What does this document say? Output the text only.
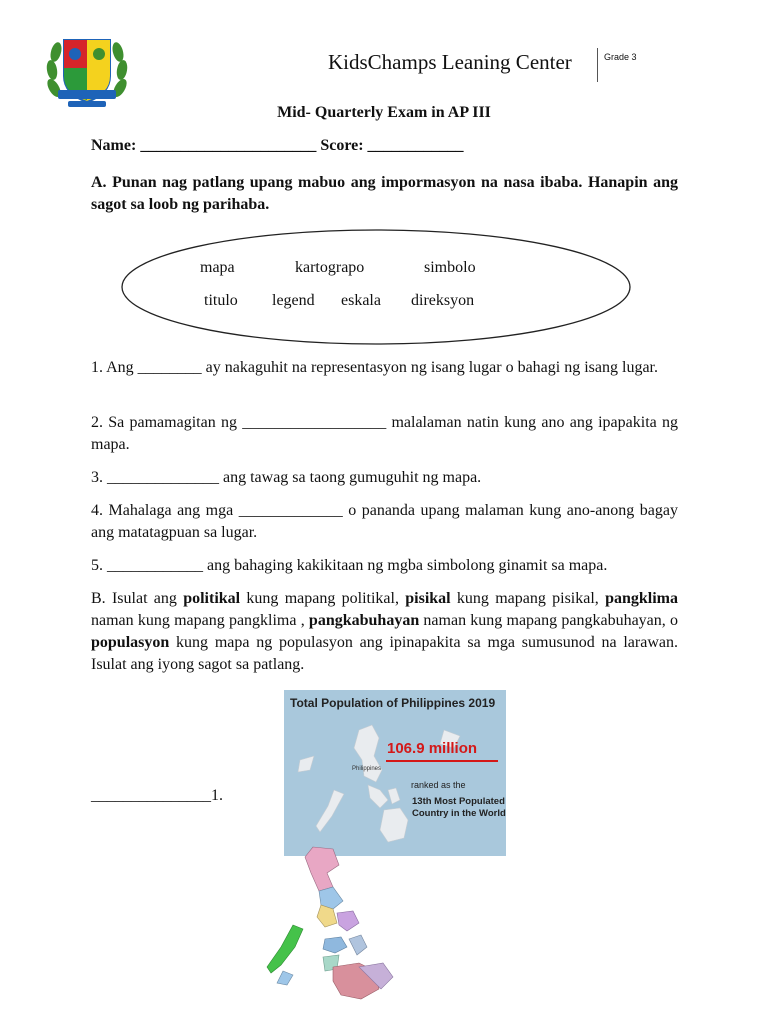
KidsChamps Leaning Center	Grade 3
Mid- Quarterly Exam in AP III
Name: ______________________ Score: ____________
A. Punan nag patlang upang mabuo ang impormasyon na nasa ibaba. Hanapin ang sagot sa loob ng parihaba.
mapa	kartograpo	simbolo
titulo legend eskala direksyon
1. Ang ________ ay nakaguhit na representasyon ng isang lugar o bahagi ng isang lugar.
2. Sa pamamagitan ng __________________ malalaman natin kung ano ang ipapakita ng mapa.
3. ______________ ang tawag sa taong gumuguhit ng mapa.
4. Mahalaga ang mga _____________ o pananda upang malaman kung ano-anong bagay ang matatagpuan sa lugar.
5. ____________ ang bahaging kakikitaan ng mgba simbolong ginamit sa mapa.
B. Isulat ang politikal kung mapang politikal, pisikal kung mapang pisikal, pangklima naman kung mapang pangklima , pangkabuhayan naman kung mapang pangkabuhayan, o populasyon kung mapa ng populasyon ang ipinapakita sa mga sumusunod na larawan. Isulat ang iyong sagot sa patlang.
Total Population of Philippines 2019
106.9 million
Philippines
ranked as the
13th Most Populated
Country in the World
_______________1.
